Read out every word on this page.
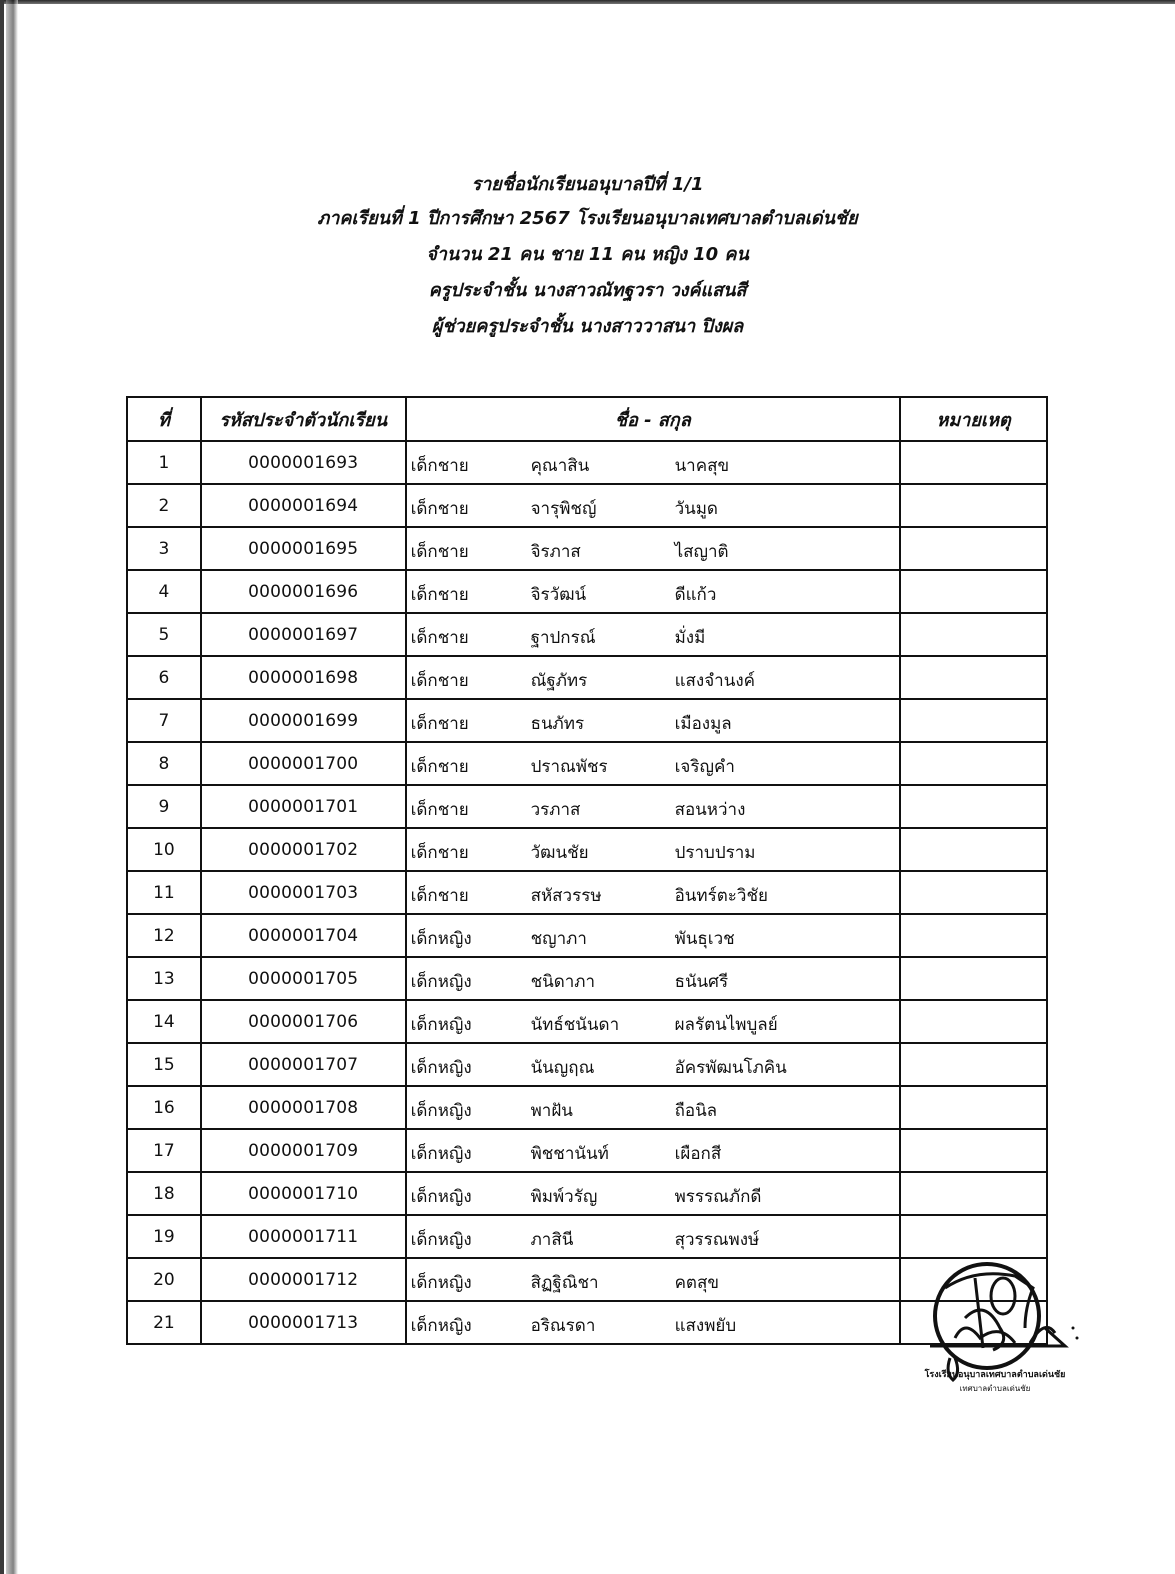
รายชื่อนักเรียนอนุบาลปีที่ 1/1
ภาคเรียนที่ 1 ปีการศึกษา 2567 โรงเรียนอนุบาลเทศบาลตำบลเด่นชัย
จำนวน 21 คน ชาย 11 คน หญิง 10 คน
ครูประจำชั้น นางสาวณัทฐวรา วงค์แสนสี
ผู้ช่วยครูประจำชั้น นางสาววาสนา ปิงผล
ที่	รหัสประจำตัวนักเรียน	ชื่อ - สกุล	หมายเหตุ
1	0000001693	เด็กชาย คุณาสิน นาคสุข	

2	0000001694	เด็กชาย จารุพิชญ์ วันมูด	

3	0000001695	เด็กชาย จิรภาส ไสญาติ	

4	0000001696	เด็กชาย จิรวัฒน์ ดีแก้ว	

5	0000001697	เด็กชาย ฐาปกรณ์ มั่งมี	

6	0000001698	เด็กชาย ณัฐภัทร แสงจำนงค์	

7	0000001699	เด็กชาย ธนภัทร เมืองมูล	

8	0000001700	เด็กชาย ปราณพัชร เจริญคำ	

9	0000001701	เด็กชาย วรภาส สอนหว่าง	

10	0000001702	เด็กชาย วัฒนชัย ปราบปราม	

11	0000001703	เด็กชาย สหัสวรรษ อินทร์ตะวิชัย	

12	0000001704	เด็กหญิง ชญาภา พันธุเวช	

13	0000001705	เด็กหญิง ชนิดาภา ธนันศรี	

14	0000001706	เด็กหญิง นัทธ์ชนันดา ผลรัตนไพบูลย์	

15	0000001707	เด็กหญิง นันญฤณ อัครพัฒนโภคิน	

16	0000001708	เด็กหญิง พาฝัน ถือนิล	

17	0000001709	เด็กหญิง พิชชานันท์ เผือกสี	

18	0000001710	เด็กหญิง พิมพ์วรัญ พรรรณภักดี	

19	0000001711	เด็กหญิง ภาสินี สุวรรณพงษ์	

20	0000001712	เด็กหญิง สิฏฐิณิชา คตสุข	

21	0000001713	เด็กหญิง อริณรดา แสงพยับ	

โรงเรียนอนุบาลเทศบาลตำบลเด่นชัย
เทศบาลตำบลเด่นชัย
